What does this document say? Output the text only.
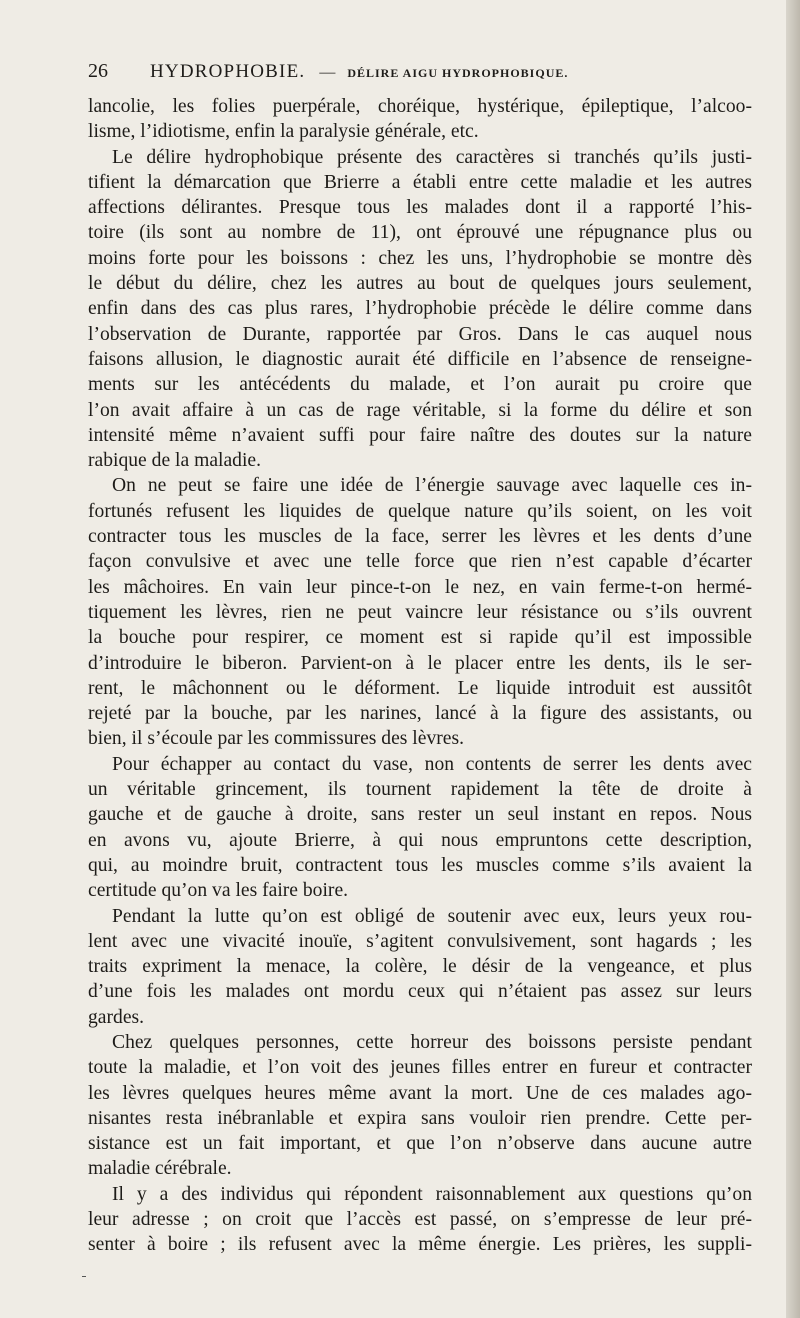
26 HYDROPHOBIE. — DÉLIRE AIGU HYDROPHOBIQUE.
lancolie, les folies puerpérale, choréique, hystérique, épileptique, l’alcoo-
lisme, l’idiotisme, enfin la paralysie générale, etc.
Le délire hydrophobique présente des caractères si tranchés qu’ils justi-
tifient la démarcation que Brierre a établi entre cette maladie et les autres
affections délirantes. Presque tous les malades dont il a rapporté l’his-
toire (ils sont au nombre de 11), ont éprouvé une répugnance plus ou
moins forte pour les boissons : chez les uns, l’hydrophobie se montre dès
le début du délire, chez les autres au bout de quelques jours seulement,
enfin dans des cas plus rares, l’hydrophobie précède le délire comme dans
l’observation de Durante, rapportée par Gros. Dans le cas auquel nous
faisons allusion, le diagnostic aurait été difficile en l’absence de renseigne-
ments sur les antécédents du malade, et l’on aurait pu croire que
l’on avait affaire à un cas de rage véritable, si la forme du délire et son
intensité même n’avaient suffi pour faire naître des doutes sur la nature
rabique de la maladie.
On ne peut se faire une idée de l’énergie sauvage avec laquelle ces in-
fortunés refusent les liquides de quelque nature qu’ils soient, on les voit
contracter tous les muscles de la face, serrer les lèvres et les dents d’une
façon convulsive et avec une telle force que rien n’est capable d’écarter
les mâchoires. En vain leur pince-t-on le nez, en vain ferme-t-on hermé-
tiquement les lèvres, rien ne peut vaincre leur résistance ou s’ils ouvrent
la bouche pour respirer, ce moment est si rapide qu’il est impossible
d’introduire le biberon. Parvient-on à le placer entre les dents, ils le ser-
rent, le mâchonnent ou le déforment. Le liquide introduit est aussitôt
rejeté par la bouche, par les narines, lancé à la figure des assistants, ou
bien, il s’écoule par les commissures des lèvres.
Pour échapper au contact du vase, non contents de serrer les dents avec
un véritable grincement, ils tournent rapidement la tête de droite à
gauche et de gauche à droite, sans rester un seul instant en repos. Nous
en avons vu, ajoute Brierre, à qui nous empruntons cette description,
qui, au moindre bruit, contractent tous les muscles comme s’ils avaient la
certitude qu’on va les faire boire.
Pendant la lutte qu’on est obligé de soutenir avec eux, leurs yeux rou-
lent avec une vivacité inouïe, s’agitent convulsivement, sont hagards ; les
traits expriment la menace, la colère, le désir de la vengeance, et plus
d’une fois les malades ont mordu ceux qui n’étaient pas assez sur leurs
gardes.
Chez quelques personnes, cette horreur des boissons persiste pendant
toute la maladie, et l’on voit des jeunes filles entrer en fureur et contracter
les lèvres quelques heures même avant la mort. Une de ces malades ago-
nisantes resta inébranlable et expira sans vouloir rien prendre. Cette per-
sistance est un fait important, et que l’on n’observe dans aucune autre
maladie cérébrale.
Il y a des individus qui répondent raisonnablement aux questions qu’on
leur adresse ; on croit que l’accès est passé, on s’empresse de leur pré-
senter à boire ; ils refusent avec la même énergie. Les prières, les suppli-
